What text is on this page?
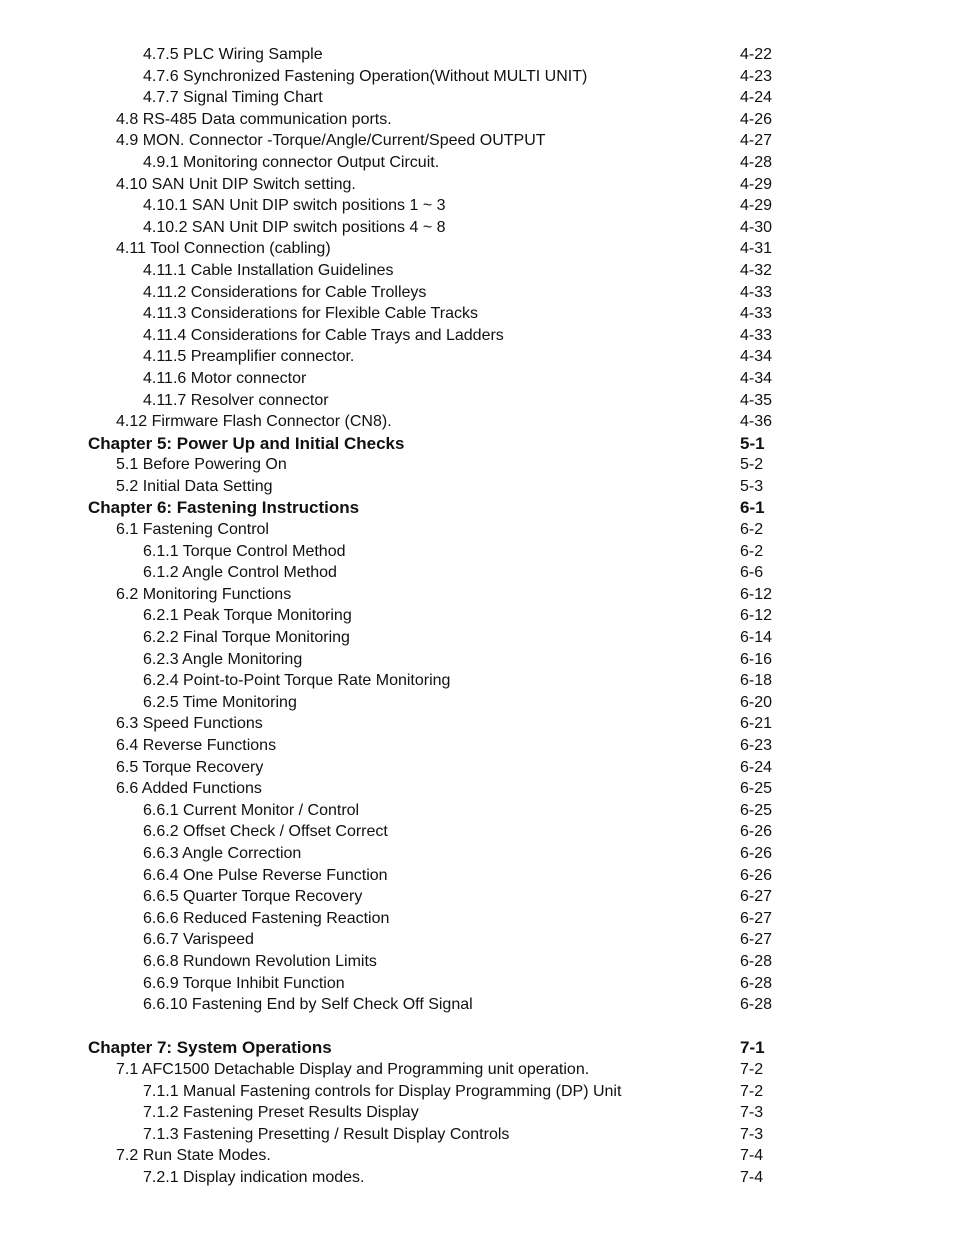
4.7.5 PLC Wiring Sample	4-22
4.7.6 Synchronized Fastening Operation(Without MULTI UNIT)	4-23
4.7.7 Signal Timing Chart	4-24
4.8 RS-485 Data communication ports.	4-26
4.9 MON. Connector -Torque/Angle/Current/Speed OUTPUT	4-27
4.9.1 Monitoring connector Output Circuit.	4-28
4.10 SAN Unit DIP Switch setting.	4-29
4.10.1 SAN Unit DIP switch positions 1 ~ 3	4-29
4.10.2 SAN Unit DIP switch positions 4 ~ 8	4-30
4.11 Tool Connection (cabling)	4-31
4.11.1 Cable Installation Guidelines	4-32
4.11.2 Considerations for Cable Trolleys	4-33
4.11.3 Considerations for Flexible Cable Tracks	4-33
4.11.4 Considerations for Cable Trays and Ladders	4-33
4.11.5 Preamplifier connector.	4-34
4.11.6 Motor connector	4-34
4.11.7 Resolver connector	4-35
4.12 Firmware Flash Connector (CN8).	4-36
Chapter 5: Power Up and Initial Checks	5-1
5.1 Before Powering On	5-2
5.2 Initial Data Setting	5-3
Chapter 6: Fastening Instructions	6-1
6.1 Fastening Control	6-2
6.1.1 Torque Control Method	6-2
6.1.2 Angle Control Method	6-6
6.2 Monitoring Functions	6-12
6.2.1 Peak Torque Monitoring	6-12
6.2.2 Final Torque Monitoring	6-14
6.2.3 Angle Monitoring	6-16
6.2.4 Point-to-Point Torque Rate Monitoring	6-18
6.2.5 Time Monitoring	6-20
6.3 Speed Functions	6-21
6.4 Reverse Functions	6-23
6.5 Torque Recovery	6-24
6.6 Added Functions	6-25
6.6.1 Current Monitor / Control	6-25
6.6.2 Offset Check / Offset Correct	6-26
6.6.3 Angle Correction	6-26
6.6.4 One Pulse Reverse Function	6-26
6.6.5 Quarter Torque Recovery	6-27
6.6.6 Reduced Fastening Reaction	6-27
6.6.7 Varispeed	6-27
6.6.8 Rundown Revolution Limits	6-28
6.6.9 Torque Inhibit Function	6-28
6.6.10 Fastening End by Self Check Off Signal	6-28
Chapter 7: System Operations	7-1
7.1 AFC1500 Detachable Display and Programming unit operation.	7-2
7.1.1 Manual Fastening controls for Display Programming (DP) Unit	7-2
7.1.2 Fastening Preset Results Display	7-3
7.1.3 Fastening Presetting / Result Display Controls	7-3
7.2 Run State Modes.	7-4
7.2.1 Display indication modes.	7-4
